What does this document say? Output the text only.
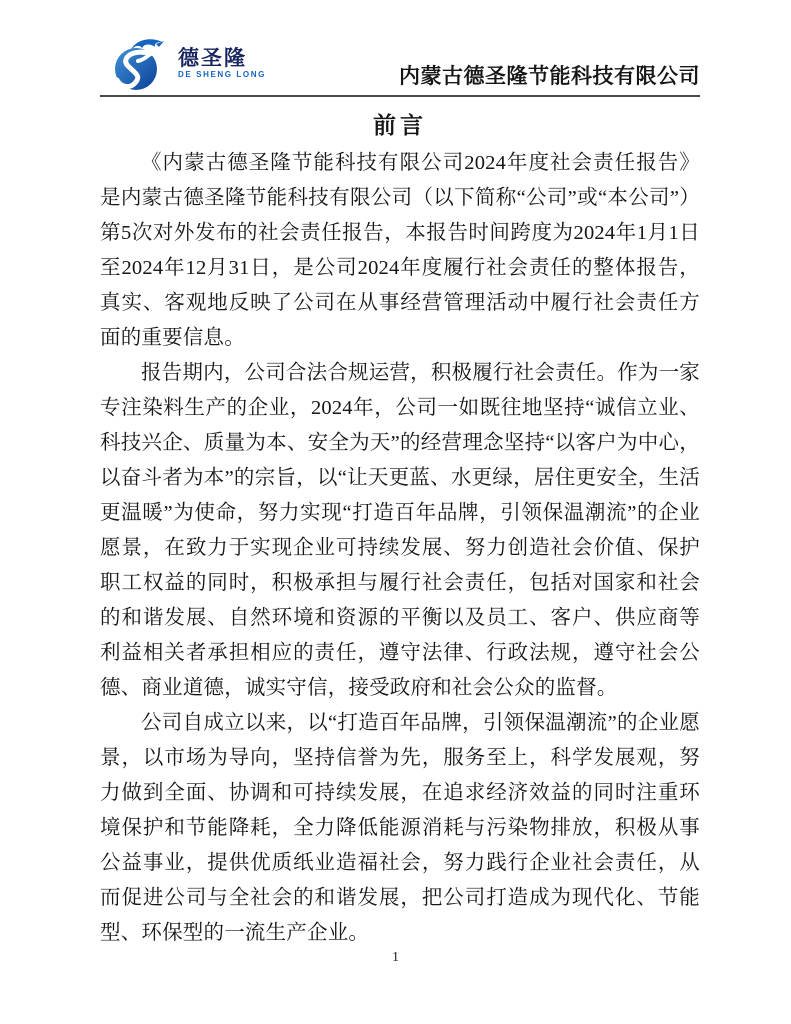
德圣隆
DE SHENG LONG	内蒙古德圣隆节能科技有限公司
前言

《内蒙古德圣隆节能科技有限公司2024年度社会责任报告》是内蒙古德圣隆节能科技有限公司（以下简称“公司”或“本公司”）第5次对外发布的社会责任报告，本报告时间跨度为2024年1月1日至2024年12月31日，是公司2024年度履行社会责任的整体报告，真实、客观地反映了公司在从事经营管理活动中履行社会责任方面的重要信息。

报告期内，公司合法合规运营，积极履行社会责任。作为一家专注染料生产的企业，2024年，公司一如既往地坚持“诚信立业、科技兴企、质量为本、安全为天”的经营理念坚持“以客户为中心，以奋斗者为本”的宗旨，以“让天更蓝、水更绿，居住更安全，生活更温暖”为使命，努力实现“打造百年品牌，引领保温潮流”的企业愿景，在致力于实现企业可持续发展、努力创造社会价值、保护职工权益的同时，积极承担与履行社会责任，包括对国家和社会的和谐发展、自然环境和资源的平衡以及员工、客户、供应商等利益相关者承担相应的责任，遵守法律、行政法规，遵守社会公德、商业道德，诚实守信，接受政府和社会公众的监督。

公司自成立以来，以“打造百年品牌，引领保温潮流”的企业愿景，以市场为导向，坚持信誉为先，服务至上，科学发展观，努力做到全面、协调和可持续发展，在追求经济效益的同时注重环境保护和节能降耗，全力降低能源消耗与污染物排放，积极从事公益事业，提供优质纸业造福社会，努力践行企业社会责任，从而促进公司与全社会的和谐发展，把公司打造成为现代化、节能型、环保型的一流生产企业。

1
